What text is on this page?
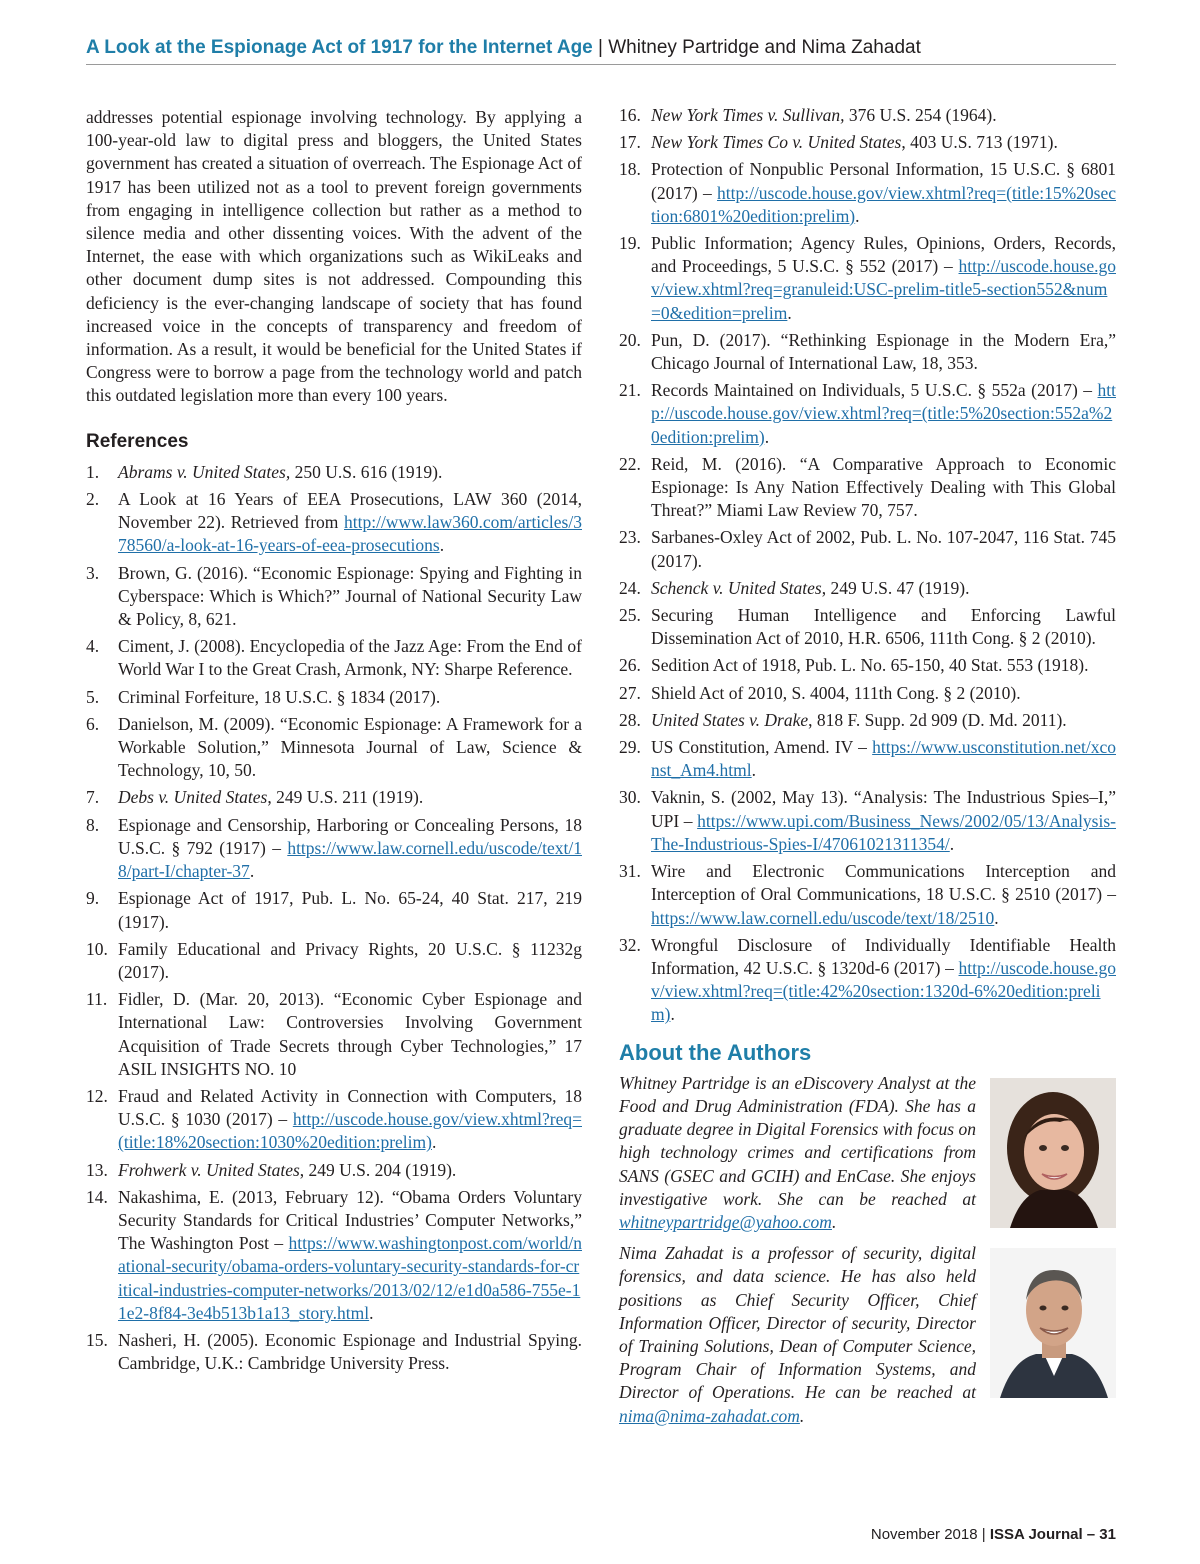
A Look at the Espionage Act of 1917 for the Internet Age | Whitney Partridge and Nima Zahadat

addresses potential espionage involving technology. By applying a 100-year-old law to digital press and bloggers, the United States government has created a situation of overreach. The Espionage Act of 1917 has been utilized not as a tool to prevent foreign governments from engaging in intelligence collection but rather as a method to silence media and other dissenting voices. With the advent of the Internet, the ease with which organizations such as WikiLeaks and other document dump sites is not addressed. Compounding this deficiency is the ever-changing landscape of society that has found increased voice in the concepts of transparency and freedom of information. As a result, it would be beneficial for the United States if Congress were to borrow a page from the technology world and patch this outdated legislation more than every 100 years.

References
1. Abrams v. United States, 250 U.S. 616 (1919).
2. A Look at 16 Years of EEA Prosecutions, LAW 360 (2014, November 22). Retrieved from http://www.law360.com/articles/378560/a-look-at-16-years-of-eea-prosecutions.
3. Brown, G. (2016). “Economic Espionage: Spying and Fighting in Cyberspace: Which is Which?” Journal of National Security Law & Policy, 8, 621.
4. Ciment, J. (2008). Encyclopedia of the Jazz Age: From the End of World War I to the Great Crash, Armonk, NY: Sharpe Reference.
5. Criminal Forfeiture, 18 U.S.C. § 1834 (2017).
6. Danielson, M. (2009). “Economic Espionage: A Framework for a Workable Solution,” Minnesota Journal of Law, Science & Technology, 10, 50.
7. Debs v. United States, 249 U.S. 211 (1919).
8. Espionage and Censorship, Harboring or Concealing Persons, 18 U.S.C. § 792 (1917) – https://www.law.cornell.edu/uscode/text/18/part-I/chapter-37.
9. Espionage Act of 1917, Pub. L. No. 65-24, 40 Stat. 217, 219 (1917).
10. Family Educational and Privacy Rights, 20 U.S.C. § 11232g (2017).
11. Fidler, D. (Mar. 20, 2013). “Economic Cyber Espionage and International Law: Controversies Involving Government Acquisition of Trade Secrets through Cyber Technologies,” 17 ASIL INSIGHTS NO. 10
12. Fraud and Related Activity in Connection with Computers, 18 U.S.C. § 1030 (2017) – http://uscode.house.gov/view.xhtml?req=(title:18%20section:1030%20edition:prelim).
13. Frohwerk v. United States, 249 U.S. 204 (1919).
14. Nakashima, E. (2013, February 12). “Obama Orders Voluntary Security Standards for Critical Industries’ Computer Networks,” The Washington Post – https://www.washingtonpost.com/world/national-security/obama-orders-voluntary-security-standards-for-critical-industries-computer-networks/2013/02/12/e1d0a586-755e-11e2-8f84-3e4b513b1a13_story.html.
15. Nasheri, H. (2005). Economic Espionage and Industrial Spying. Cambridge, U.K.: Cambridge University Press.
16. New York Times v. Sullivan, 376 U.S. 254 (1964).
17. New York Times Co v. United States, 403 U.S. 713 (1971).
18. Protection of Nonpublic Personal Information, 15 U.S.C. § 6801 (2017) – http://uscode.house.gov/view.xhtml?req=(title:15%20section:6801%20edition:prelim).
19. Public Information; Agency Rules, Opinions, Orders, Records, and Proceedings, 5 U.S.C. § 552 (2017) – http://uscode.house.gov/view.xhtml?req=granuleid:USC-prelim-title5-section552&num=0&edition=prelim.
20. Pun, D. (2017). “Rethinking Espionage in the Modern Era,” Chicago Journal of International Law, 18, 353.
21. Records Maintained on Individuals, 5 U.S.C. § 552a (2017) – http://uscode.house.gov/view.xhtml?req=(title:5%20section:552a%20edition:prelim).
22. Reid, M. (2016). “A Comparative Approach to Economic Espionage: Is Any Nation Effectively Dealing with This Global Threat?” Miami Law Review 70, 757.
23. Sarbanes-Oxley Act of 2002, Pub. L. No. 107-2047, 116 Stat. 745 (2017).
24. Schenck v. United States, 249 U.S. 47 (1919).
25. Securing Human Intelligence and Enforcing Lawful Dissemination Act of 2010, H.R. 6506, 111th Cong. § 2 (2010).
26. Sedition Act of 1918, Pub. L. No. 65-150, 40 Stat. 553 (1918).
27. Shield Act of 2010, S. 4004, 111th Cong. § 2 (2010).
28. United States v. Drake, 818 F. Supp. 2d 909 (D. Md. 2011).
29. US Constitution, Amend. IV – https://www.usconstitution.net/xconst_Am4.html.
30. Vaknin, S. (2002, May 13). “Analysis: The Industrious Spies–I,” UPI – https://www.upi.com/Business_News/2002/05/13/Analysis-The-Industrious-Spies-I/47061021311354/.
31. Wire and Electronic Communications Interception and Interception of Oral Communications, 18 U.S.C. § 2510 (2017) – https://www.law.cornell.edu/uscode/text/18/2510.
32. Wrongful Disclosure of Individually Identifiable Health Information, 42 U.S.C. § 1320d-6 (2017) – http://uscode.house.gov/view.xhtml?req=(title:42%20section:1320d-6%20edition:prelim).
About the Authors
Whitney Partridge is an eDiscovery Analyst at the Food and Drug Administration (FDA). She has a graduate degree in Digital Forensics with focus on high technology crimes and certifications from SANS (GSEC and GCIH) and EnCase. She enjoys investigative work. She can be reached at whitneypartridge@yahoo.com.
Nima Zahadat is a professor of security, digital forensics, and data science. He has also held positions as Chief Security Officer, Chief Information Officer, Director of security, Director of Training Solutions, Dean of Computer Science, Program Chair of Information Systems, and Director of Operations. He can be reached at nima@nima-zahadat.com.
November 2018 | ISSA Journal – 31
